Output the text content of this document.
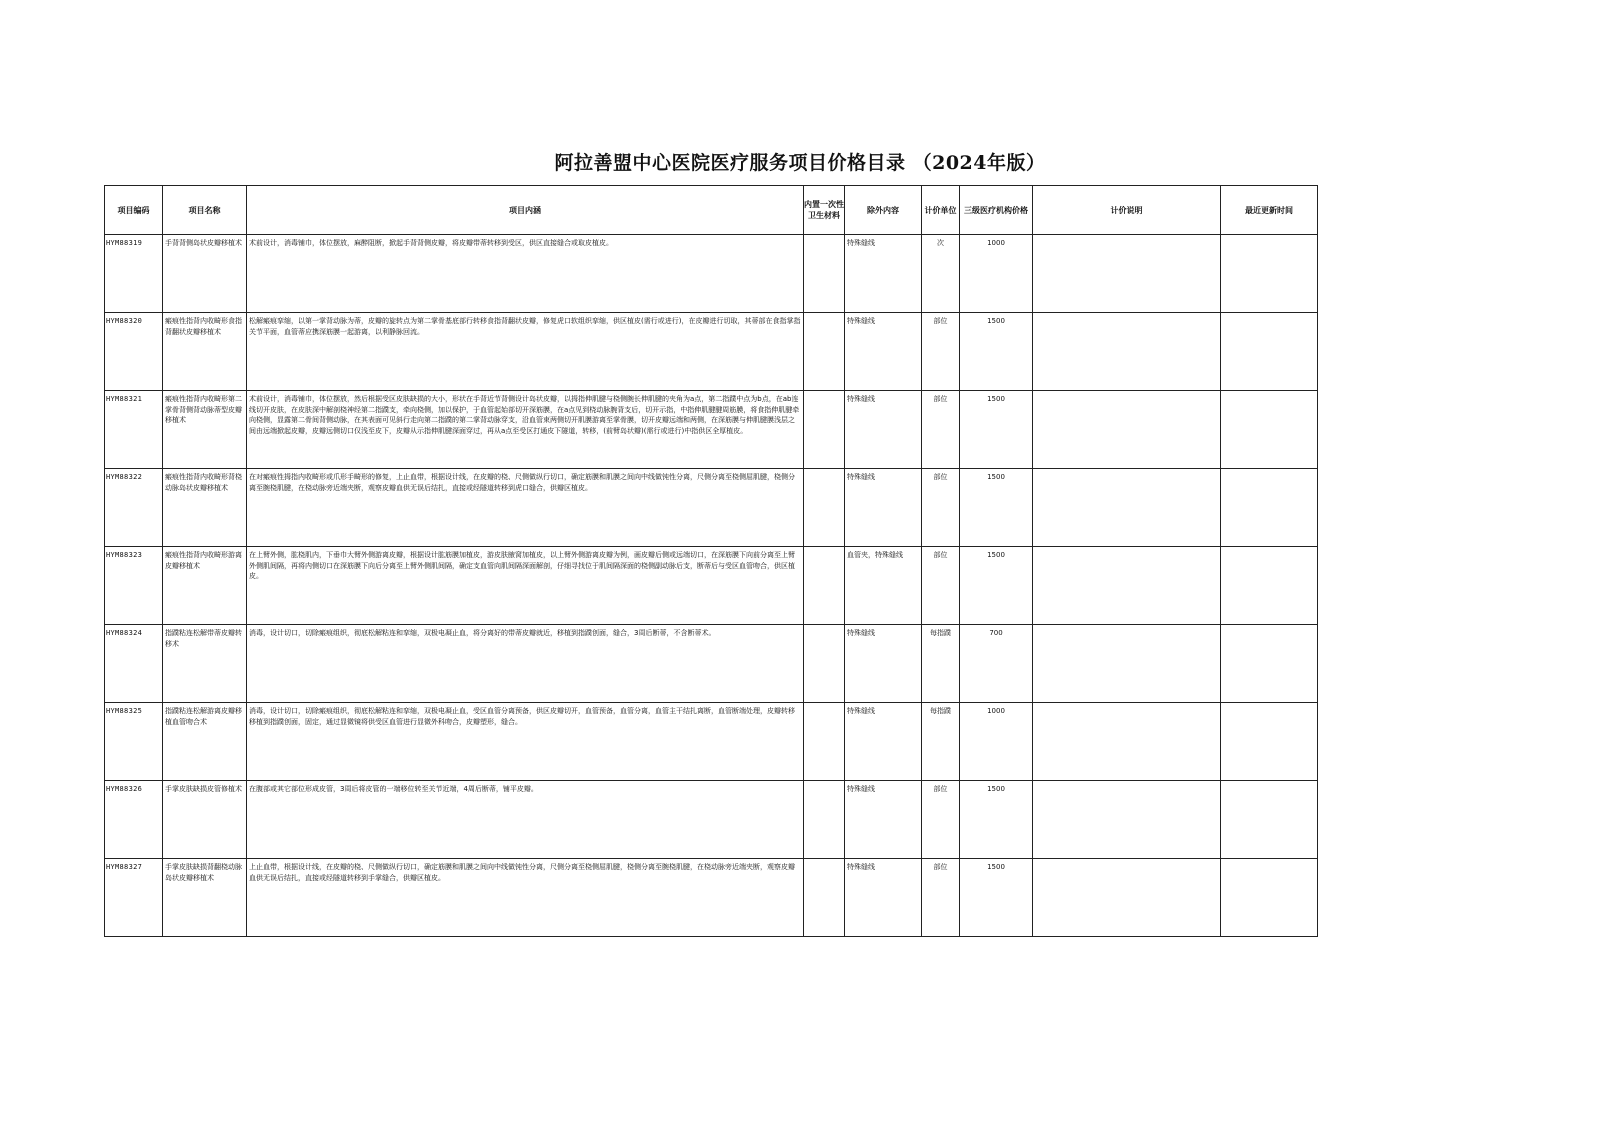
阿拉善盟中心医院医疗服务项目价格目录 （2024年版）
项目编码	项目名称	项目内涵	内置一次性卫生材料	除外内容	计价单位	三级医疗机构价格	计价说明	最近更新时间

HYM88319	手背背侧岛状皮瓣移植术	术前设计，消毒铺巾，体位摆放，麻醉阻断，掀起手背背侧皮瓣，将皮瓣带蒂转移到受区，供区直接缝合或取皮植皮。		特殊缝线	次	1000		

HYM88320	瘢痕性指背内收畸形食指背翻状皮瓣移植术	松解瘢痕挛缩，以第一掌背动脉为蒂，皮瓣的旋转点为第二掌骨基底部行转移食指背翻状皮瓣，修复虎口软组织挛缩，供区植皮(需行或进行)，在皮瓣进行切取，其蒂部在食指掌指关节平面，血管蒂应携深筋膜一起游离，以利静脉回流。		特殊缝线	部位	1500		

HYM88321	瘢痕性指背内收畸形第二掌骨背侧背动脉蒂型皮瓣移植术	术前设计，消毒铺巾，体位摆放，然后根据受区皮肤缺损的大小，形状在手背近节背侧设计岛状皮瓣，以拇指伸肌腱与桡侧腕长伸肌腱的夹角为a点，第二指蹼中点为b点，在ab连线切开皮肤，在皮肤深中解剖桡神经第二指蹼支，牵向桡侧，加以保护，于血管起始部切开深筋膜，在a点见到桡动脉腕背支后，切开示指，中指伸肌腱腱周筋膜，将食指伸肌腱牵向桡侧，显露第二骨间背侧动脉，在其表面可见斜行走向第二指蹼的第二掌背动脉穿支，沿血管束两侧切开肌膜游离至掌骨膜，切开皮瓣远端和两侧，在深筋膜与伸肌腱膜浅层之间由远端掀起皮瓣，皮瓣远侧切口仅浅至皮下，皮瓣从示指伸肌腱深面穿过，再从a点至受区打通皮下隧道，转移，(前臂岛状瓣)(需行或进行)中指供区全厚植皮。		特殊缝线	部位	1500		

HYM88322	瘢痕性指背内收畸形背桡动脉岛状皮瓣移植术	在对瘢痕性拇指内收畸形或爪形手畸形的修复，上止血带，根据设计线，在皮瓣的桡、尺侧做纵行切口，确定筋膜和肌膜之间向中线做钝性分离，尺侧分离至桡侧屈肌腱，桡侧分离至腕桡肌腱，在桡动脉旁近端夹断，观察皮瓣血供无误后结扎，直接或经隧道转移到虎口缝合，供瓣区植皮。		特殊缝线	部位	1500		

HYM88323	瘢痕性指背内收畸形游离皮瓣移植术	在上臂外侧，肱桡肌内，下垂巾大臂外侧游离皮瓣，根据设计肱筋膜加植皮，游皮肤腋窝加植皮，以上臂外侧游离皮瓣为例，画皮瓣后侧或远端切口，在深筋膜下向前分离至上臂外侧肌间隔，再将内侧切口在深筋膜下向后分离至上臂外侧肌间隔，确定支血管向肌间隔深面解剖，仔细寻找位于肌间隔深面的桡侧副动脉后支，断蒂后与受区血管吻合，供区植皮。		血管夹，特殊缝线	部位	1500		

HYM88324	指蹼粘连松解带蒂皮瓣转移术	消毒，设计切口，切除瘢痕组织，彻底松解粘连和挛缩，双极电凝止血，将分离好的带蒂皮瓣就近，移植到指蹼创面，缝合，3周后断蒂，不含断蒂术。		特殊缝线	每指蹼	700		

HYM88325	指蹼粘连松解游离皮瓣移植血管吻合术	消毒，设计切口，切除瘢痕组织，彻底松解粘连和挛缩，双极电凝止血，受区血管分离预备，供区皮瓣切开，血管预备，血管分离，血管主干结扎离断，血管断端处理，皮瓣转移移植到指蹼创面，固定，通过显微镜将供受区血管进行显微外科吻合，皮瓣塑形，缝合。		特殊缝线	每指蹼	1000		

HYM88326	手掌皮肤缺损皮管修植术	在腹部或其它部位形成皮管，3周后将皮管的一端移位转至关节近端，4周后断蒂，铺平皮瓣。		特殊缝线	部位	1500		

HYM88327	手掌皮肤缺损背翻桡动脉岛状皮瓣移植术	上止血带，根据设计线，在皮瓣的桡、尺侧做纵行切口，确定筋膜和肌膜之间向中线做钝性分离，尺侧分离至桡侧屈肌腱，桡侧分离至腕桡肌腱，在桡动脉旁近端夹断，观察皮瓣血供无误后结扎，直接或经隧道转移到手掌缝合，供瓣区植皮。		特殊缝线	部位	1500		
